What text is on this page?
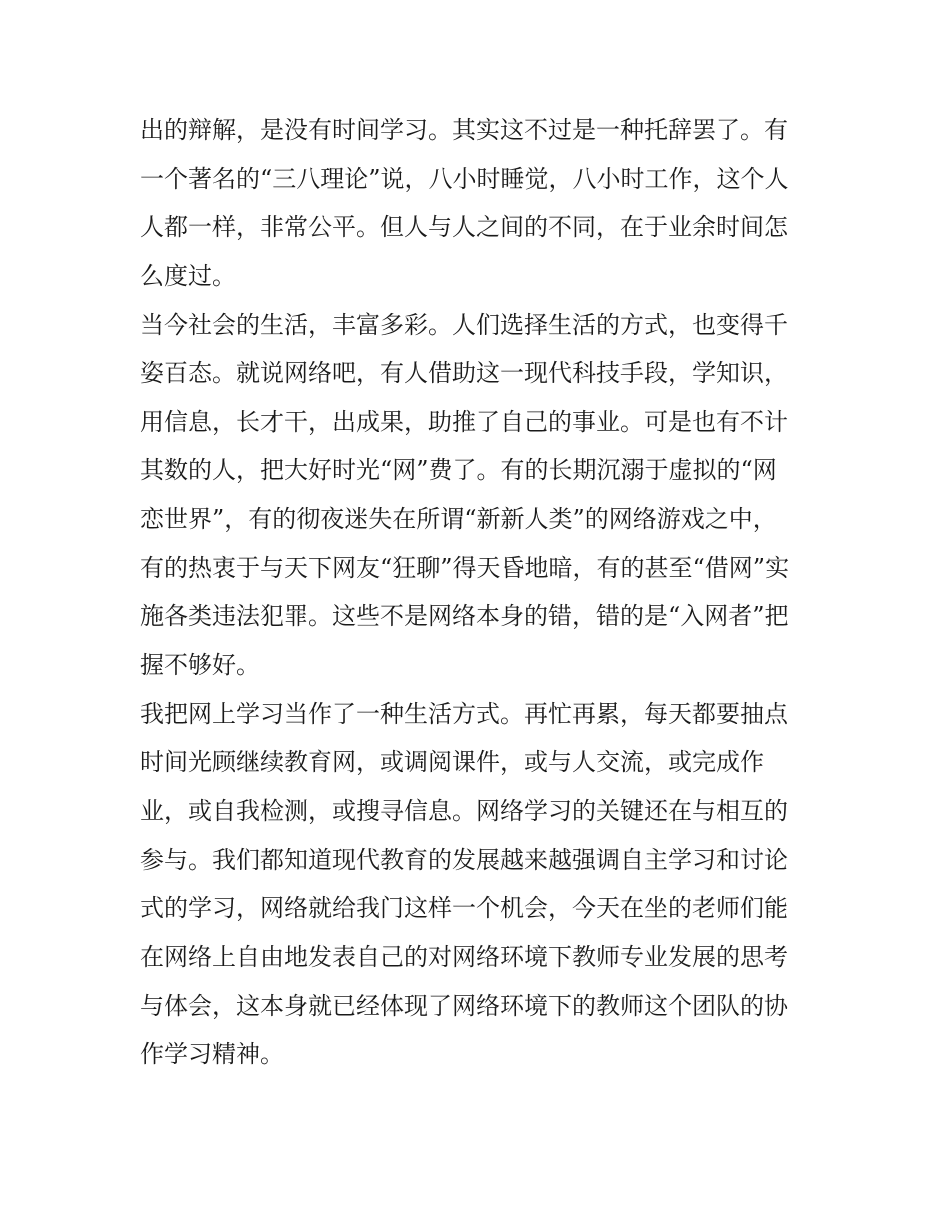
出的辩解，是没有时间学习。其实这不过是一种托辞罢了。有
一个著名的“三八理论”说，八小时睡觉，八小时工作，这个人
人都一样，非常公平。但人与人之间的不同，在于业余时间怎
么度过。
当今社会的生活，丰富多彩。人们选择生活的方式，也变得千
姿百态。就说网络吧，有人借助这一现代科技手段，学知识，
用信息，长才干，出成果，助推了自己的事业。可是也有不计
其数的人，把大好时光“网”费了。有的长期沉溺于虚拟的“网
恋世界”，有的彻夜迷失在所谓“新新人类”的网络游戏之中，
有的热衷于与天下网友“狂聊”得天昏地暗，有的甚至“借网”实
施各类违法犯罪。这些不是网络本身的错，错的是“入网者”把
握不够好。
我把网上学习当作了一种生活方式。再忙再累，每天都要抽点
时间光顾继续教育网，或调阅课件，或与人交流，或完成作
业，或自我检测，或搜寻信息。网络学习的关键还在与相互的
参与。我们都知道现代教育的发展越来越强调自主学习和讨论
式的学习，网络就给我门这样一个机会，今天在坐的老师们能
在网络上自由地发表自己的对网络环境下教师专业发展的思考
与体会，这本身就已经体现了网络环境下的教师这个团队的协
作学习精神。
